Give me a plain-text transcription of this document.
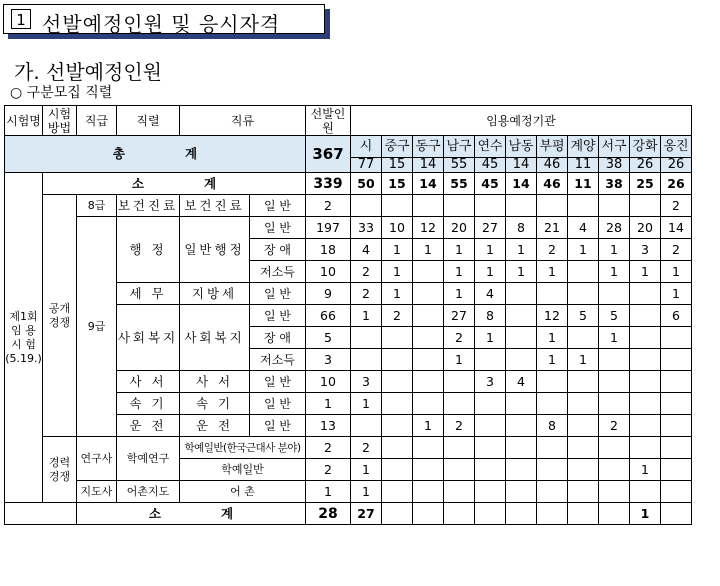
1 선발예정인원 및 응시자격
가. 선발예정인원
○ 구분모집 직렬
시험명	시험방법	직급	직렬	직류		선발인원	임용예정기관										
총 계						367	시	중구	동구	남구	연수	남동	부평	계양	서구	강화	옹진
							77	15	14	55	45	14	46	11	38	26	26

제1회
임 용
시 험
(5.19.)	소 계					339	50	15	14	55	45	14	46	11	38	25	26

	공개
경쟁	8급	보건진료	보건진료	일 반	2											2
		9급	행 정	일반행정	일 반	197	33	10	12	20	27	8	21	4	28	20	14
					장 애	18	4	1	1	1	1	1	2	1	1	3	2
					저소득	10	2	1		1	1	1	1		1	1	1
			세 무	지방세	일 반	9	2	1		1	4						1
			사회복지	사회복지	일 반	66	1	2		27	8		12	5	5		6
					장 애	5				2	1		1		1		
					저소득	3				1			1	1			
			사 서	사 서	일 반	10	3				3	4					
			속 기	속 기	일 반	1	1										
			운 전	운 전	일 반	13			1	2			8		2		

	경력
경쟁	연구사	학예연구	학예일반(한국근대사 분야)		2	2										
				학예일반		2	1									1	
		지도사	어촌지도	어 촌		1	1										
		소 계				28	27									1	
